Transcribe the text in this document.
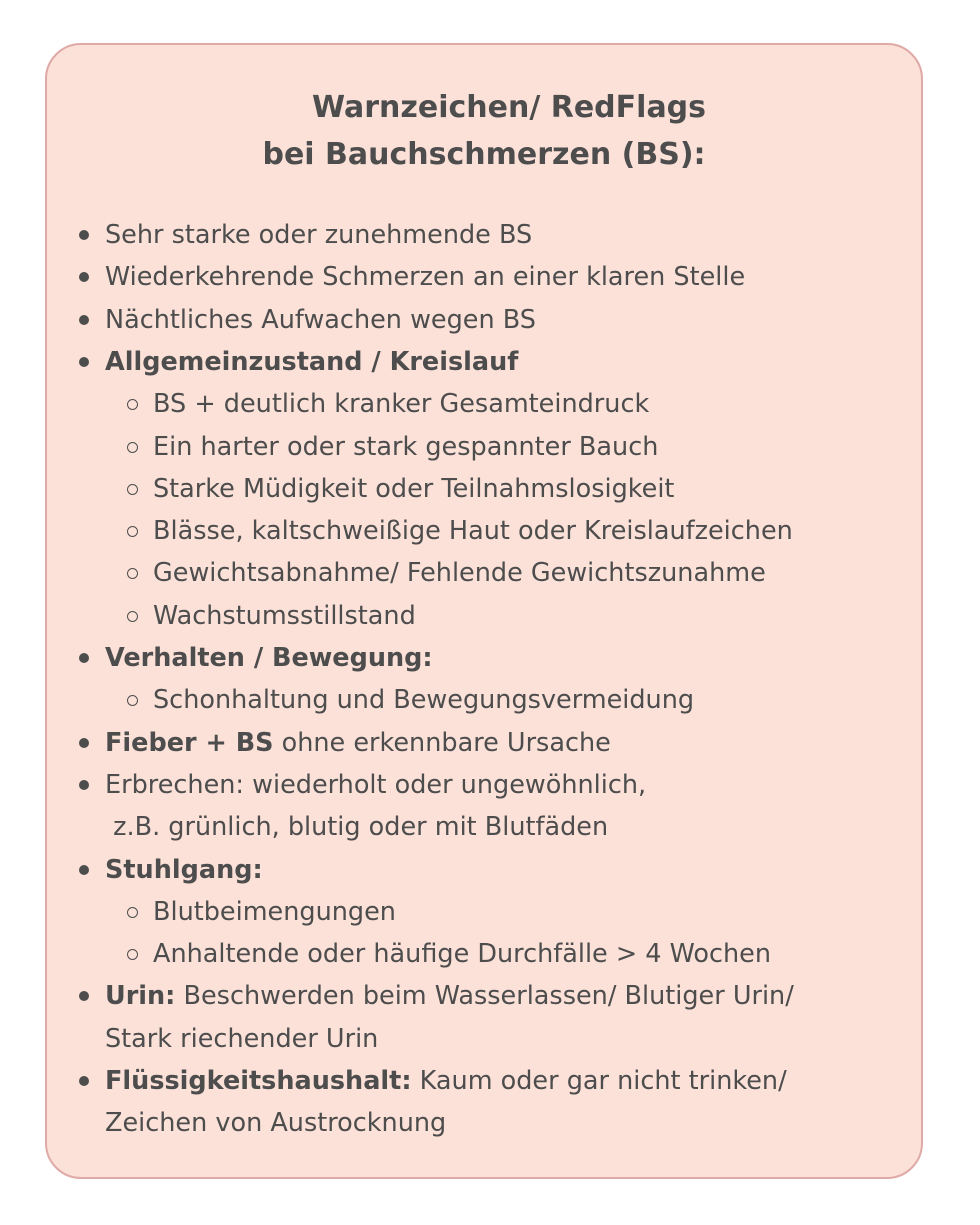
Warnzeichen/ RedFlags
bei Bauchschmerzen (BS):
Sehr starke oder zunehmende BS
Wiederkehrende Schmerzen an einer klaren Stelle
Nächtliches Aufwachen wegen BS
Allgemeinzustand / Kreislauf
BS + deutlich kranker Gesamteindruck
Ein harter oder stark gespannter Bauch
Starke Müdigkeit oder Teilnahmslosigkeit
Blässe, kaltschweißige Haut oder Kreislaufzeichen
Gewichtsabnahme/ Fehlende Gewichtszunahme
Wachstumsstillstand
Verhalten / Bewegung:
Schonhaltung und Bewegungsvermeidung
Fieber + BS ohne erkennbare Ursache
Erbrechen: wiederholt oder ungewöhnlich,
z.B. grünlich, blutig oder mit Blutfäden
Stuhlgang:
Blutbeimengungen
Anhaltende oder häufige Durchfälle > 4 Wochen
Urin: Beschwerden beim Wasserlassen/ Blutiger Urin/
Stark riechender Urin
Flüssigkeitshaushalt: Kaum oder gar nicht trinken/
Zeichen von Austrocknung
